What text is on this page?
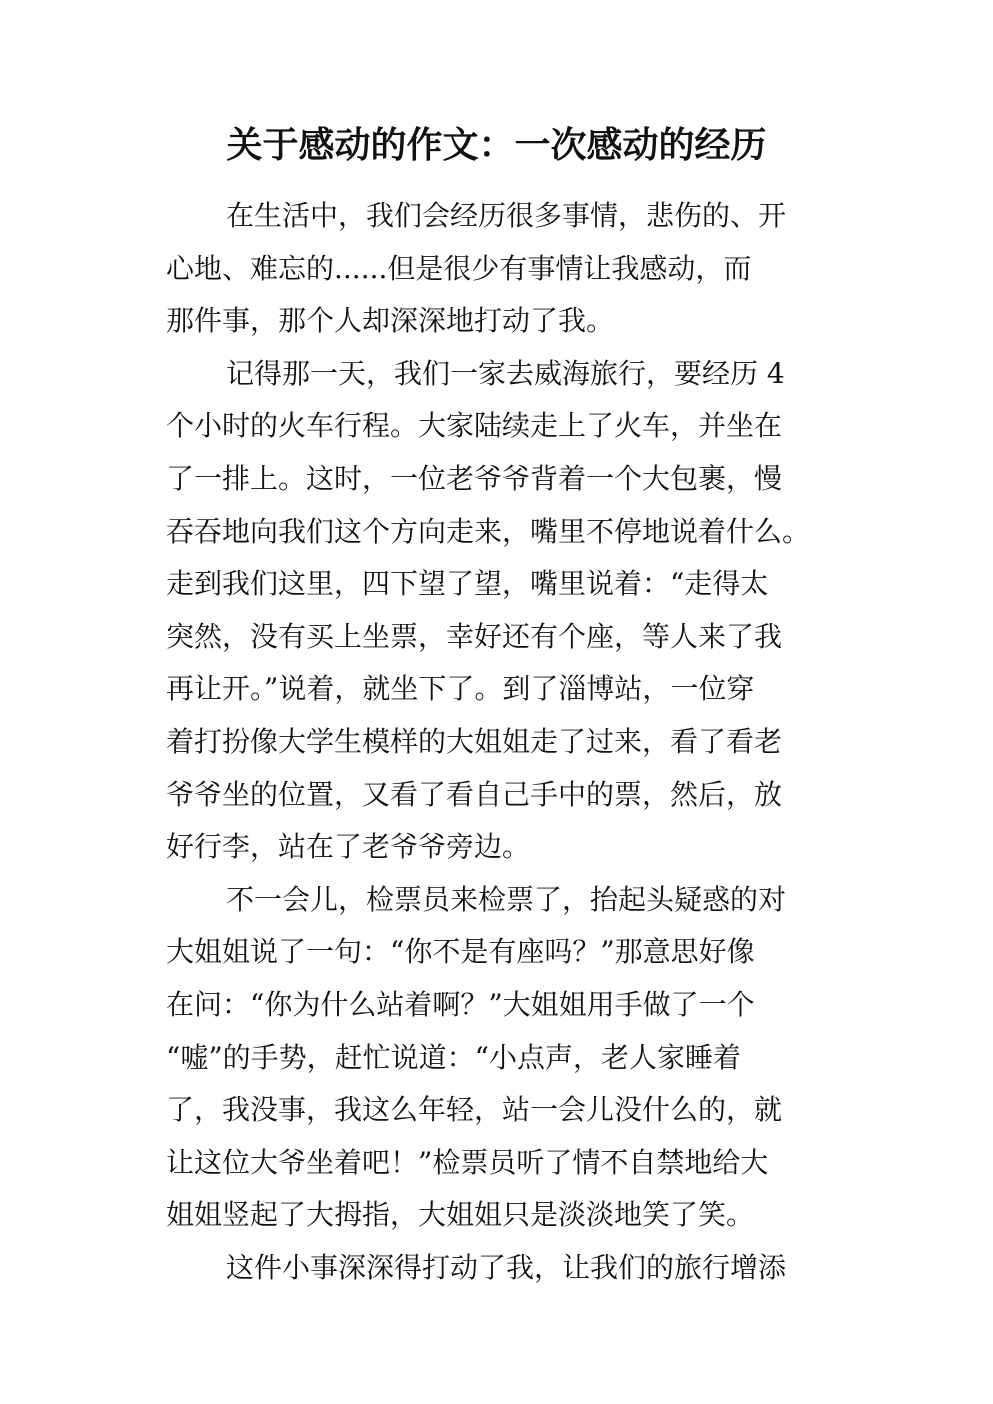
关于感动的作文：一次感动的经历
在生活中，我们会经历很多事情，悲伤的、开
心地、难忘的......但是很少有事情让我感动，而
那件事，那个人却深深地打动了我。
记得那一天，我们一家去威海旅行，要经历 4
个小时的火车行程。大家陆续走上了火车，并坐在
了一排上。这时，一位老爷爷背着一个大包裹，慢
吞吞地向我们这个方向走来，嘴里不停地说着什么。
走到我们这里，四下望了望，嘴里说着：“走得太
突然，没有买上坐票，幸好还有个座，等人来了我
再让开。”说着，就坐下了。到了淄博站，一位穿
着打扮像大学生模样的大姐姐走了过来，看了看老
爷爷坐的位置，又看了看自己手中的票，然后，放
好行李，站在了老爷爷旁边。
不一会儿，检票员来检票了，抬起头疑惑的对
大姐姐说了一句：“你不是有座吗？”那意思好像
在问：“你为什么站着啊？”大姐姐用手做了一个
“嘘”的手势，赶忙说道：“小点声，老人家睡着
了，我没事，我这么年轻，站一会儿没什么的，就
让这位大爷坐着吧！”检票员听了情不自禁地给大
姐姐竖起了大拇指，大姐姐只是淡淡地笑了笑。
这件小事深深得打动了我，让我们的旅行增添
